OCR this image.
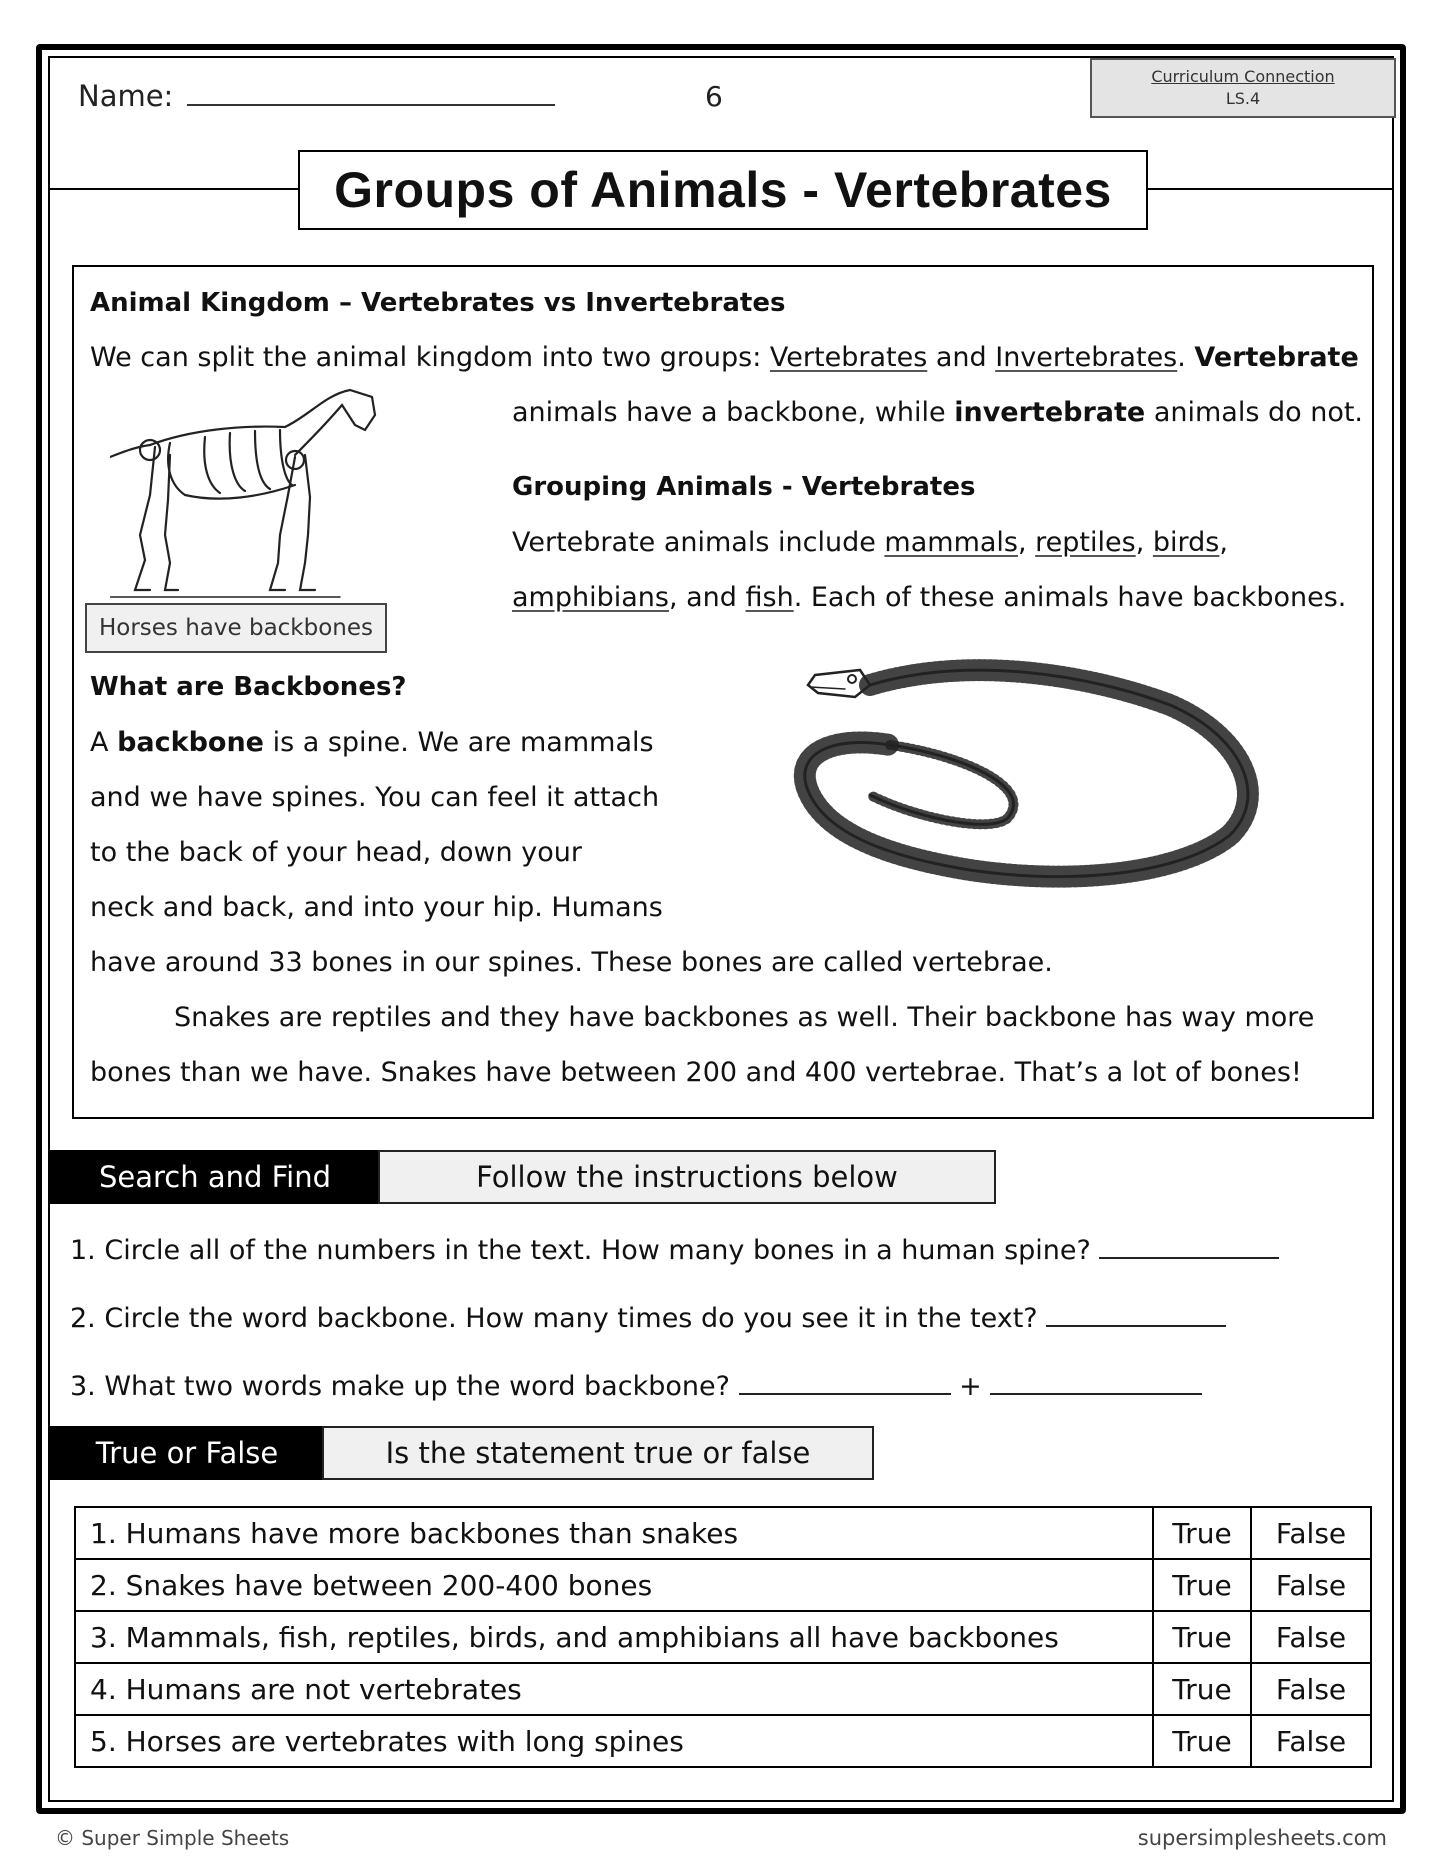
Name:	6
Curriculum Connection
LS.4
Groups of Animals - Vertebrates
Animal Kingdom – Vertebrates vs Invertebrates
We can split the animal kingdom into two groups: Vertebrates and Invertebrates. Vertebrate
animals have a backbone, while invertebrate animals do not.
Horses have backbones
Grouping Animals - Vertebrates
Vertebrate animals include mammals, reptiles, birds,
amphibians, and fish. Each of these animals have backbones.
What are Backbones?
A backbone is a spine. We are mammals
and we have spines. You can feel it attach
to the back of your head, down your
neck and back, and into your hip. Humans
have around 33 bones in our spines. These bones are called vertebrae.
Snakes are reptiles and they have backbones as well. Their backbone has way more
bones than we have. Snakes have between 200 and 400 vertebrae. That’s a lot of bones!
Search and Find	Follow the instructions below
1. Circle all of the numbers in the text. How many bones in a human spine?
2. Circle the word backbone. How many times do you see it in the text?
3. What two words make up the word backbone?	+
True or False	Is the statement true or false
1. Humans have more backbones than snakes	True	False
2. Snakes have between 200-400 bones	True	False
3. Mammals, fish, reptiles, birds, and amphibians all have backbones	True	False
4. Humans are not vertebrates	True	False
5. Horses are vertebrates with long spines	True	False
© Super Simple Sheets	supersimplesheets.com
